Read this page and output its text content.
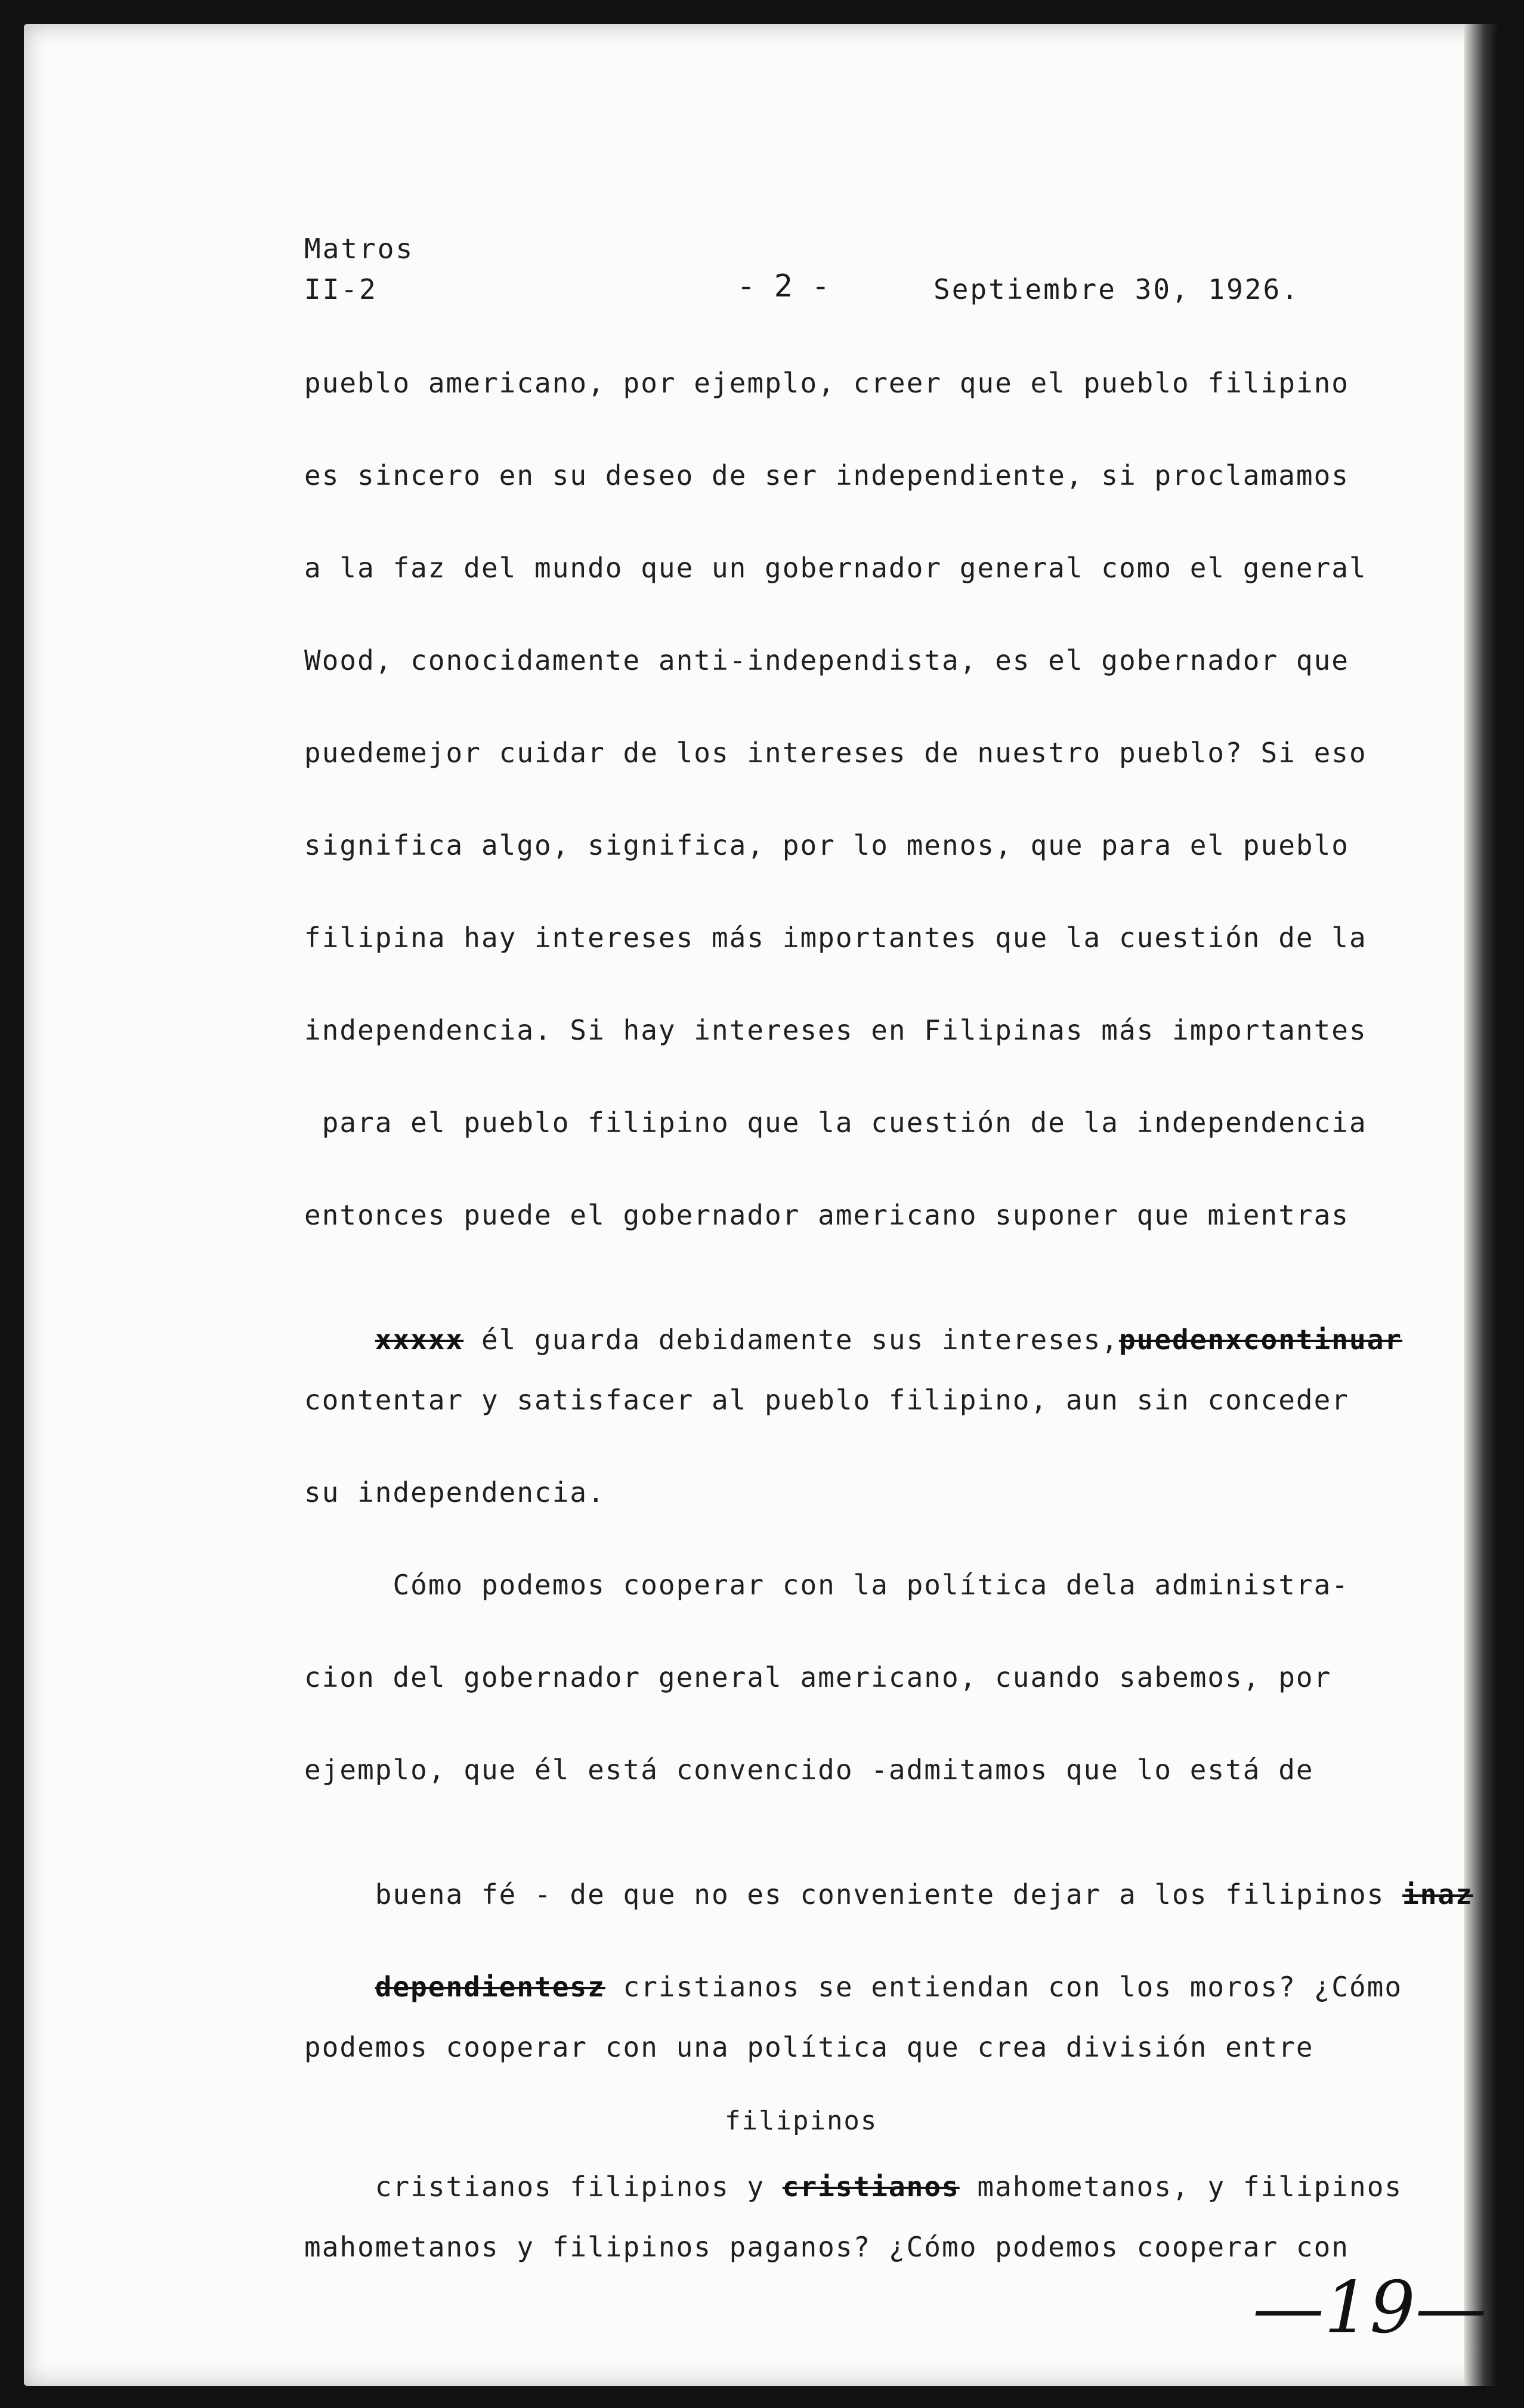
Matros
II-2	- 2 -	Septiembre 30, 1926.
pueblo americano, por ejemplo, creer que el pueblo filipino
es sincero en su deseo de ser independiente, si proclamamos
a la faz del mundo que un gobernador general como el general
Wood, conocidamente anti-independista, es el gobernador que
puedemejor cuidar de los intereses de nuestro pueblo? Si eso
significa algo, significa, por lo menos, que para el pueblo
filipina hay intereses más importantes que la cuestión de la
independencia. Si hay intereses en Filipinas más importantes
para el pueblo filipino que la cuestión de la independencia
entonces puede el gobernador americano suponer que mientras

xxxxx él guarda debidamente sus intereses,puedenxcontinuar

contentar y satisfacer al pueblo filipino, aun sin conceder
su independencia.
Cómo podemos cooperar con la política dela administra-
cion del gobernador general americano, cuando sabemos, por
ejemplo, que él está convencido -admitamos que lo está de

buena fé - de que no es conveniente dejar a los filipinos inaz

dependientesz cristianos se entiendan con los moros? ¿Cómo

podemos cooperar con una política que crea división entre
filipinos

cristianos filipinos y cristianos mahometanos, y filipinos

mahometanos y filipinos paganos? ¿Cómo podemos cooperar con
—19—
